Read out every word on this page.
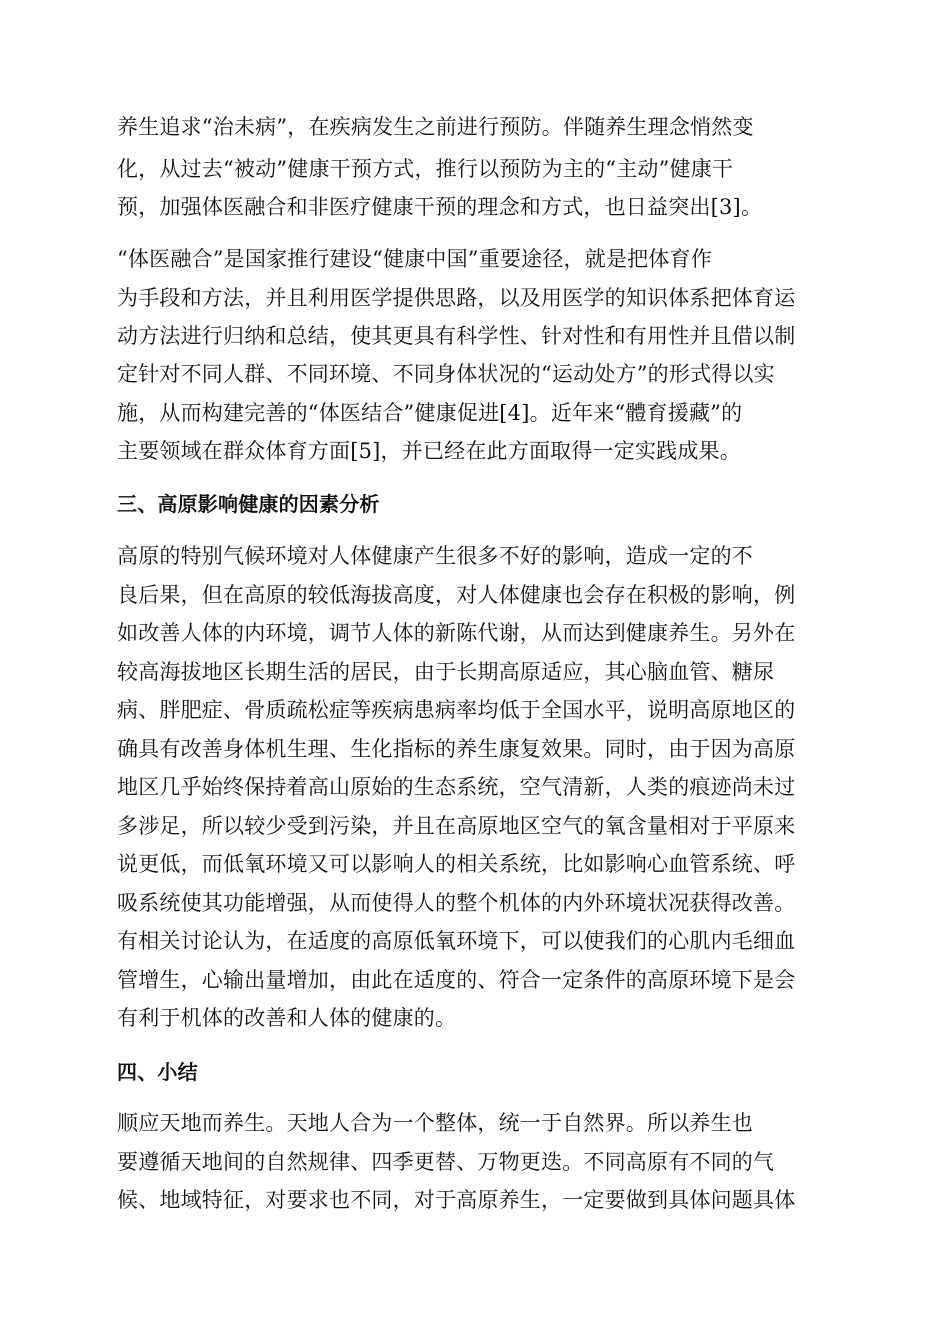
养生追求“治未病”，在疾病发生之前进行预防。伴随养生理念悄然变
化，从过去“被动”健康干预方式，推行以预防为主的“主动”健康干
预，加强体医融合和非医疗健康干预的理念和方式，也日益突出[3]。
“体医融合”是国家推行建设“健康中国”重要途径，就是把体育作
为手段和方法，并且利用医学提供思路，以及用医学的知识体系把体育运
动方法进行归纳和总结，使其更具有科学性、针对性和有用性并且借以制
定针对不同人群、不同环境、不同身体状况的“运动处方”的形式得以实
施，从而构建完善的“体医结合”健康促进[4]。近年来“體育援藏”的
主要领域在群众体育方面[5]，并已经在此方面取得一定实践成果。
三、高原影响健康的因素分析
高原的特别气候环境对人体健康产生很多不好的影响，造成一定的不
良后果，但在高原的较低海拔高度，对人体健康也会存在积极的影响，例
如改善人体的内环境，调节人体的新陈代谢，从而达到健康养生。另外在
较高海拔地区长期生活的居民，由于长期高原适应，其心脑血管、糖尿
病、胖肥症、骨质疏松症等疾病患病率均低于全国水平，说明高原地区的
确具有改善身体机生理、生化指标的养生康复效果。同时，由于因为高原
地区几乎始终保持着高山原始的生态系统，空气清新，人类的痕迹尚未过
多涉足，所以较少受到污染，并且在高原地区空气的氧含量相对于平原来
说更低，而低氧环境又可以影响人的相关系统，比如影响心血管系统、呼
吸系统使其功能增强，从而使得人的整个机体的内外环境状况获得改善。
有相关讨论认为，在适度的高原低氧环境下，可以使我们的心肌内毛细血
管增生，心输出量增加，由此在适度的、符合一定条件的高原环境下是会
有利于机体的改善和人体的健康的。
四、小结
顺应天地而养生。天地人合为一个整体，统一于自然界。所以养生也
要遵循天地间的自然规律、四季更替、万物更迭。不同高原有不同的气
候、地域特征，对要求也不同，对于高原养生，一定要做到具体问题具体
